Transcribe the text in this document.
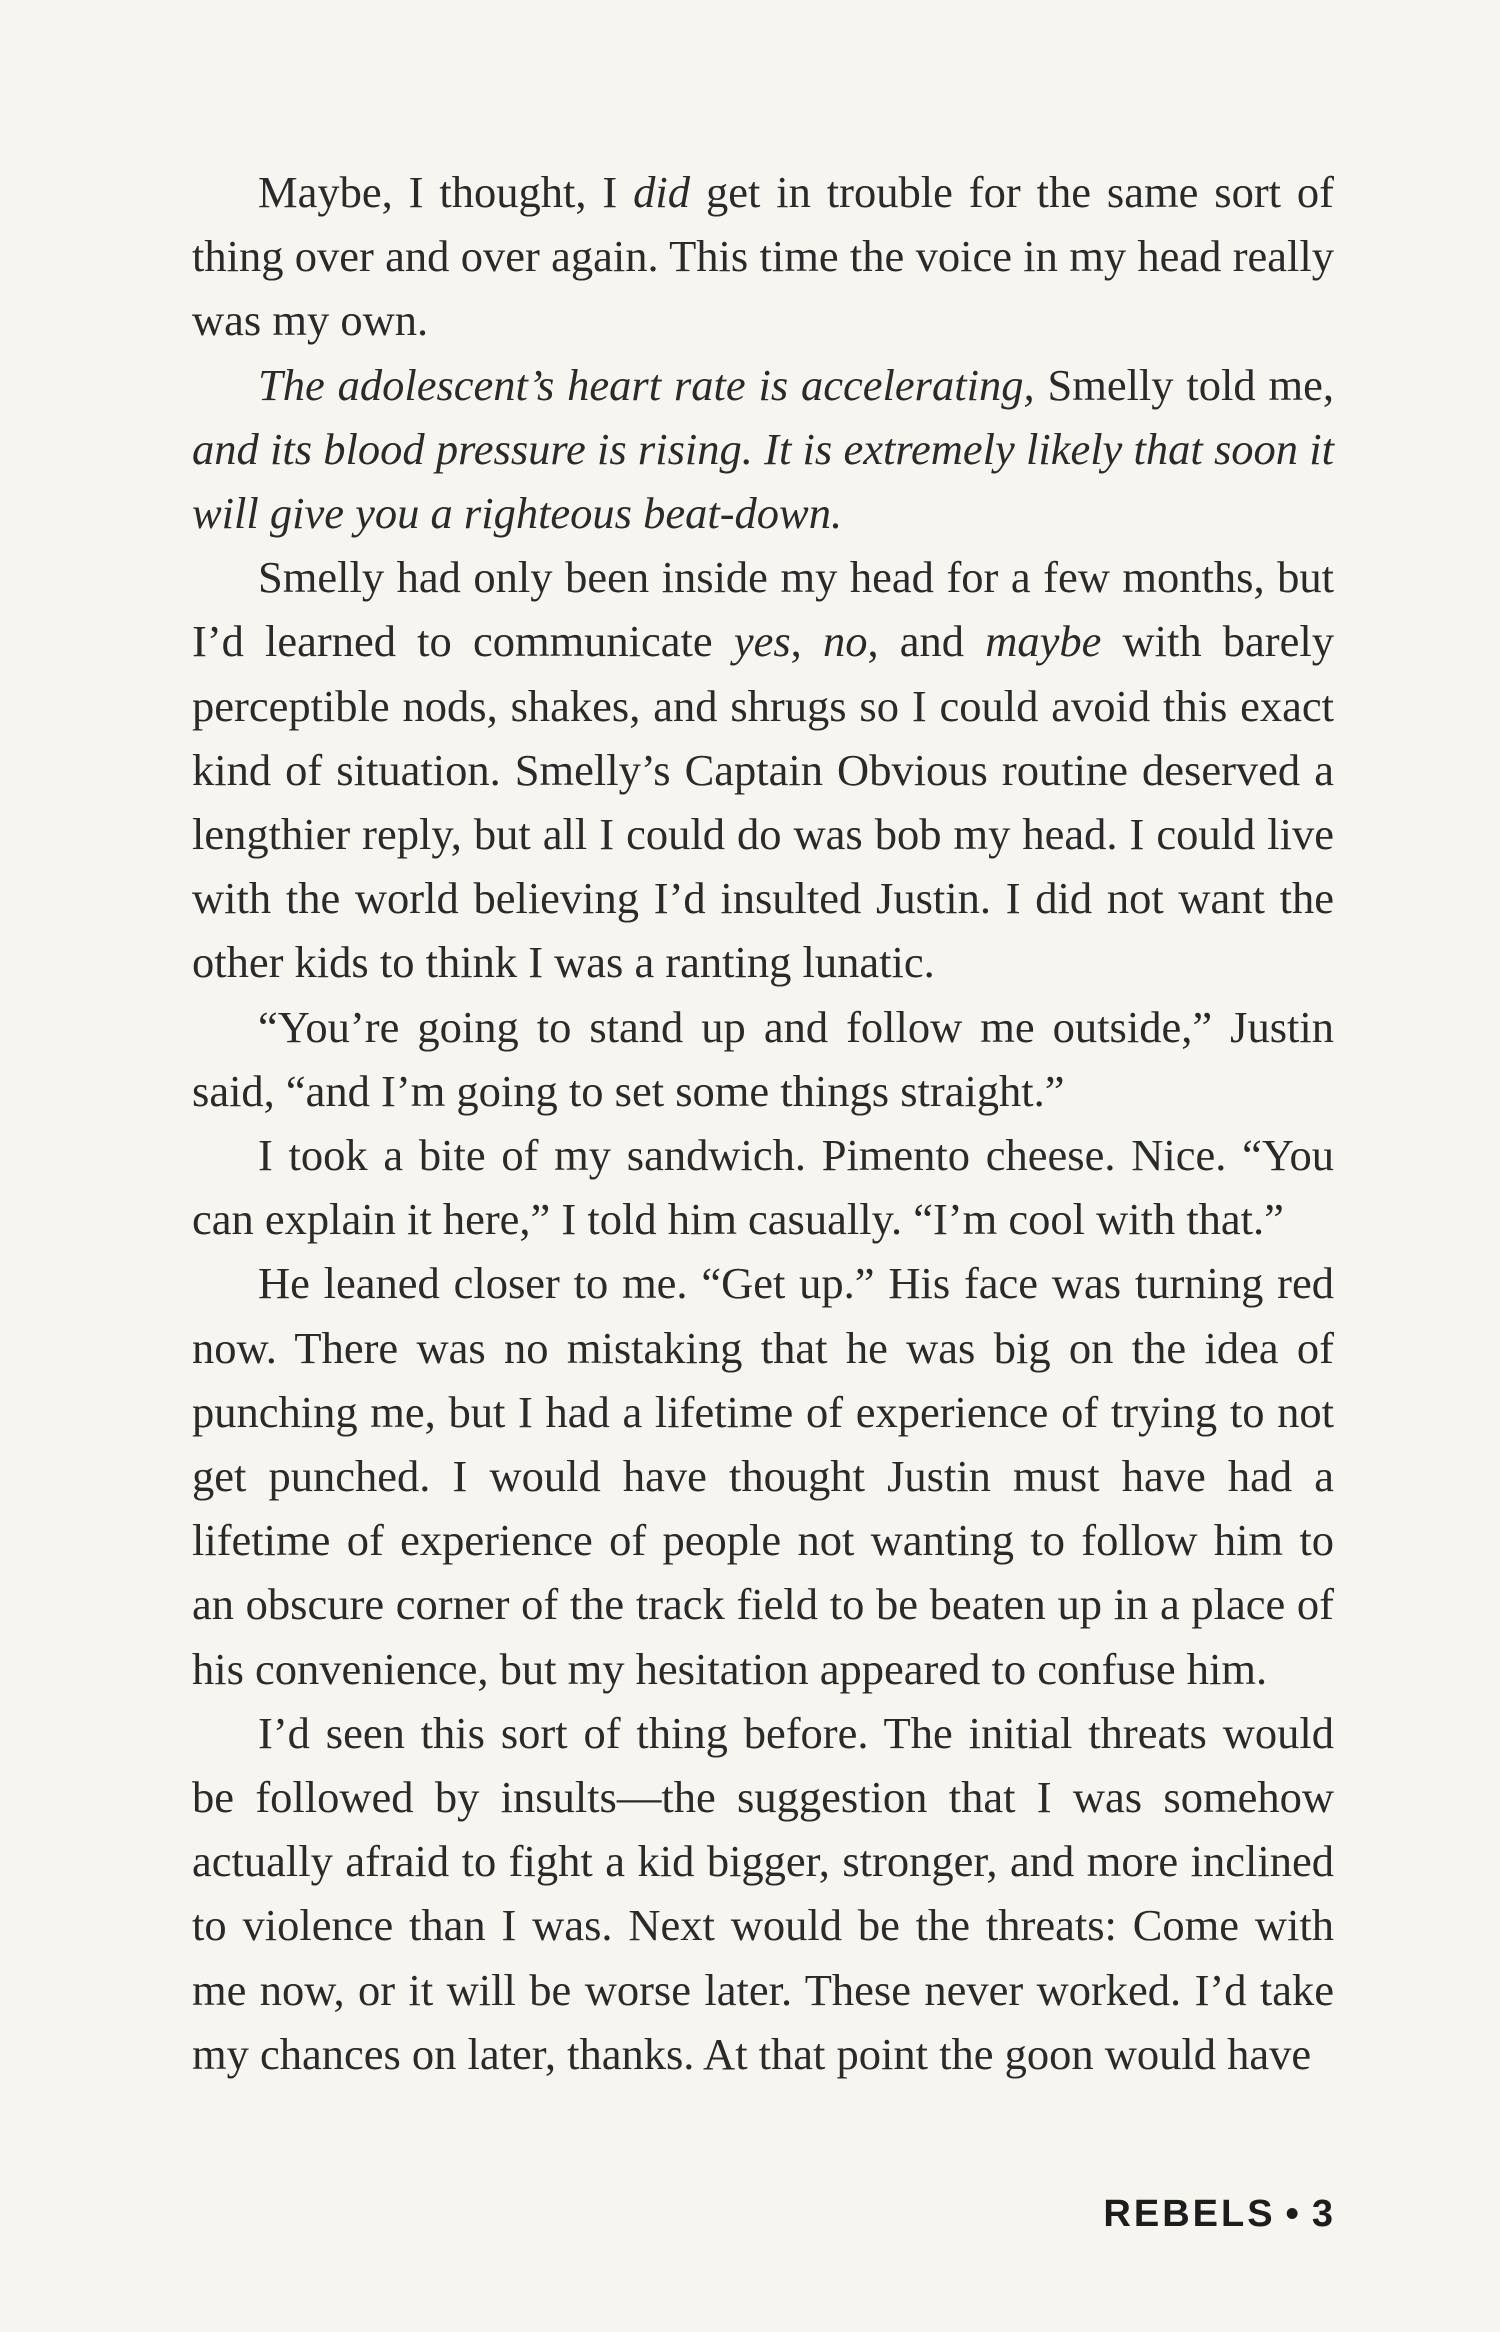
Maybe, I thought, I did get in trouble for the same sort of thing over and over again. This time the voice in my head really was my own.

The adolescent’s heart rate is accelerating, Smelly told me, and its blood pressure is rising. It is extremely likely that soon it will give you a righteous beat-down.

Smelly had only been inside my head for a few months, but I’d learned to communicate yes, no, and maybe with barely perceptible nods, shakes, and shrugs so I could avoid this exact kind of situation. Smelly’s Captain Obvious routine deserved a lengthier reply, but all I could do was bob my head. I could live with the world believing I’d insulted Justin. I did not want the other kids to think I was a ranting lunatic.

“You’re going to stand up and follow me outside,” Justin said, “and I’m going to set some things straight.”

I took a bite of my sandwich. Pimento cheese. Nice. “You can explain it here,” I told him casually. “I’m cool with that.”

He leaned closer to me. “Get up.” His face was turning red now. There was no mistaking that he was big on the idea of punching me, but I had a lifetime of experience of trying to not get punched. I would have thought Justin must have had a lifetime of experience of people not wanting to follow him to an obscure corner of the track field to be beaten up in a place of his convenience, but my hesitation appeared to confuse him.

I’d seen this sort of thing before. The initial threats would be followed by insults—the suggestion that I was somehow actually afraid to fight a kid bigger, stronger, and more inclined to violence than I was. Next would be the threats: Come with me now, or it will be worse later. These never worked. I’d take my chances on later, thanks. At that point the goon would have

REBELS • 3
